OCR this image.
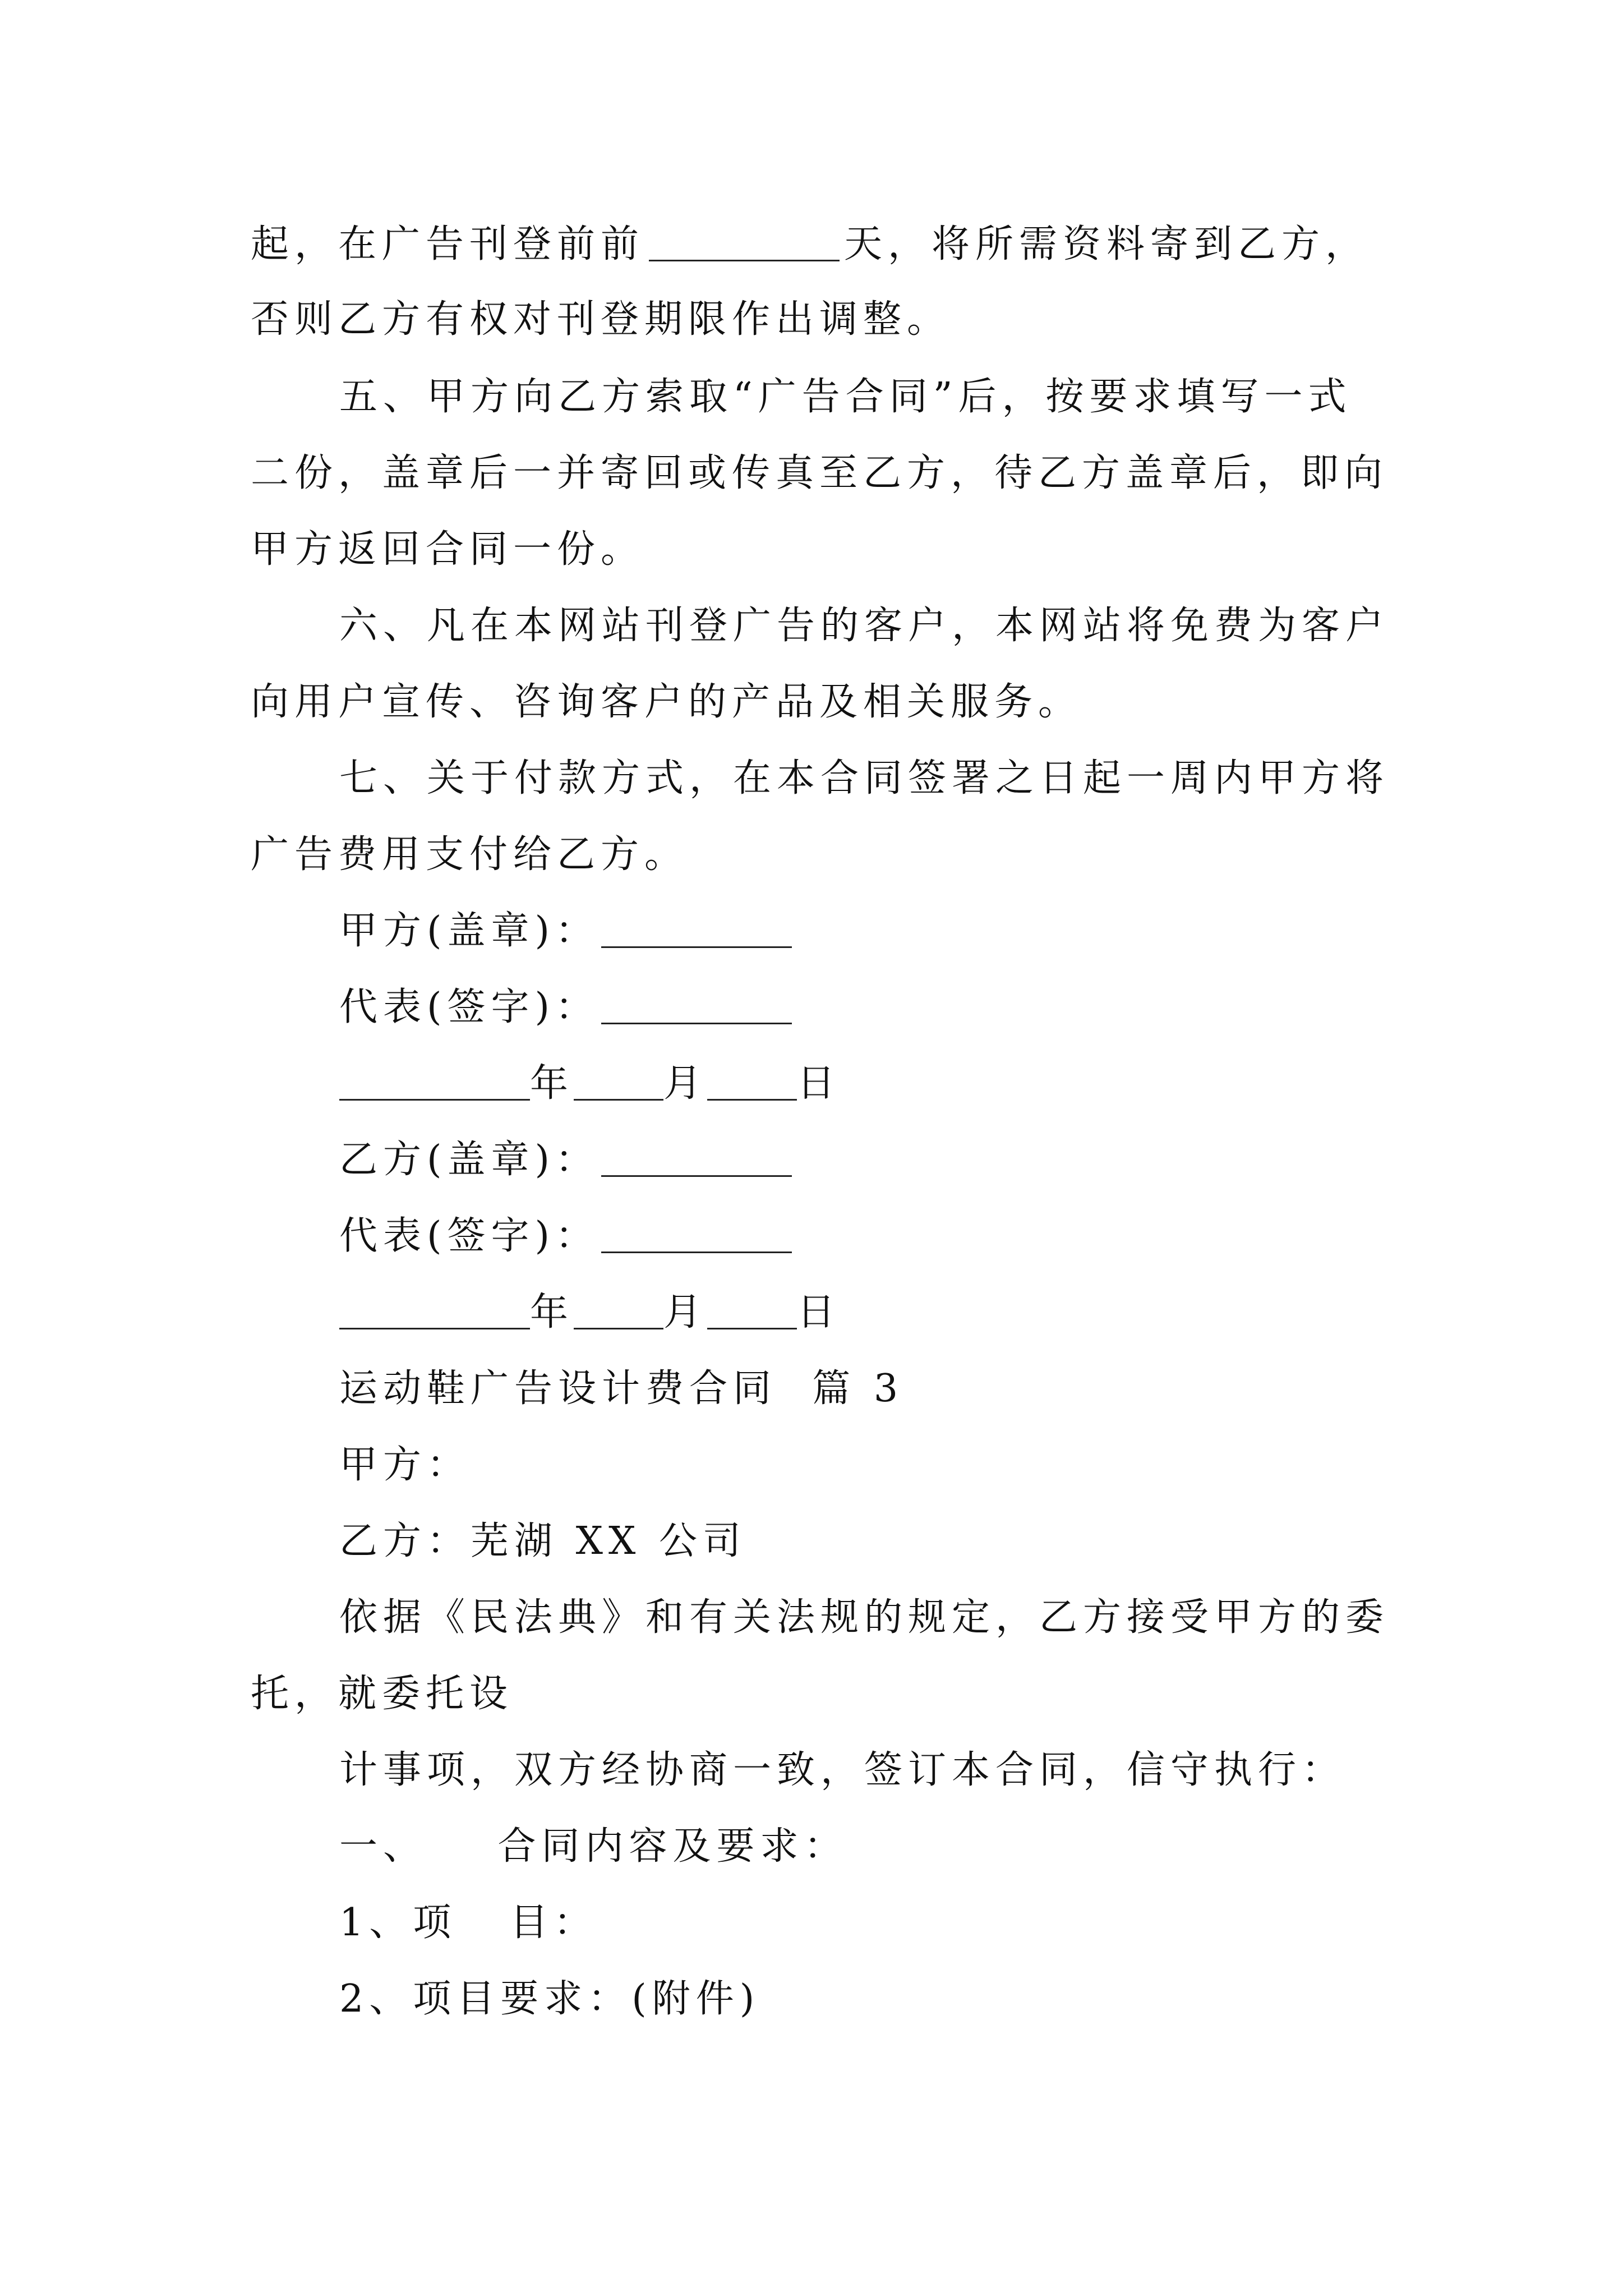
起，在广告刊登前前	天，将所需资料寄到乙方，
否则乙方有权对刊登期限作出调整。
五、甲方向乙方索取“广告合同”后，按要求填写一式
二份，盖章后一并寄回或传真至乙方，待乙方盖章后，即向
甲方返回合同一份。
六、凡在本网站刊登广告的客户，本网站将免费为客户
向用户宣传、咨询客户的产品及相关服务。
七、关于付款方式，在本合同签署之日起一周内甲方将
广告费用支付给乙方。
甲方(盖章)：
代表(签字)：
年 月 日
乙方(盖章)：
代表(签字)：
年 月 日
运动鞋广告设计费合同  篇 3
甲方：
乙方：芜湖 XX 公司
依据《民法典》和有关法规的规定，乙方接受甲方的委
托，就委托设
计事项，双方经协商一致，签订本合同，信守执行：
一、    合同内容及要求：
1、项   目：
2、项目要求：(附件)
